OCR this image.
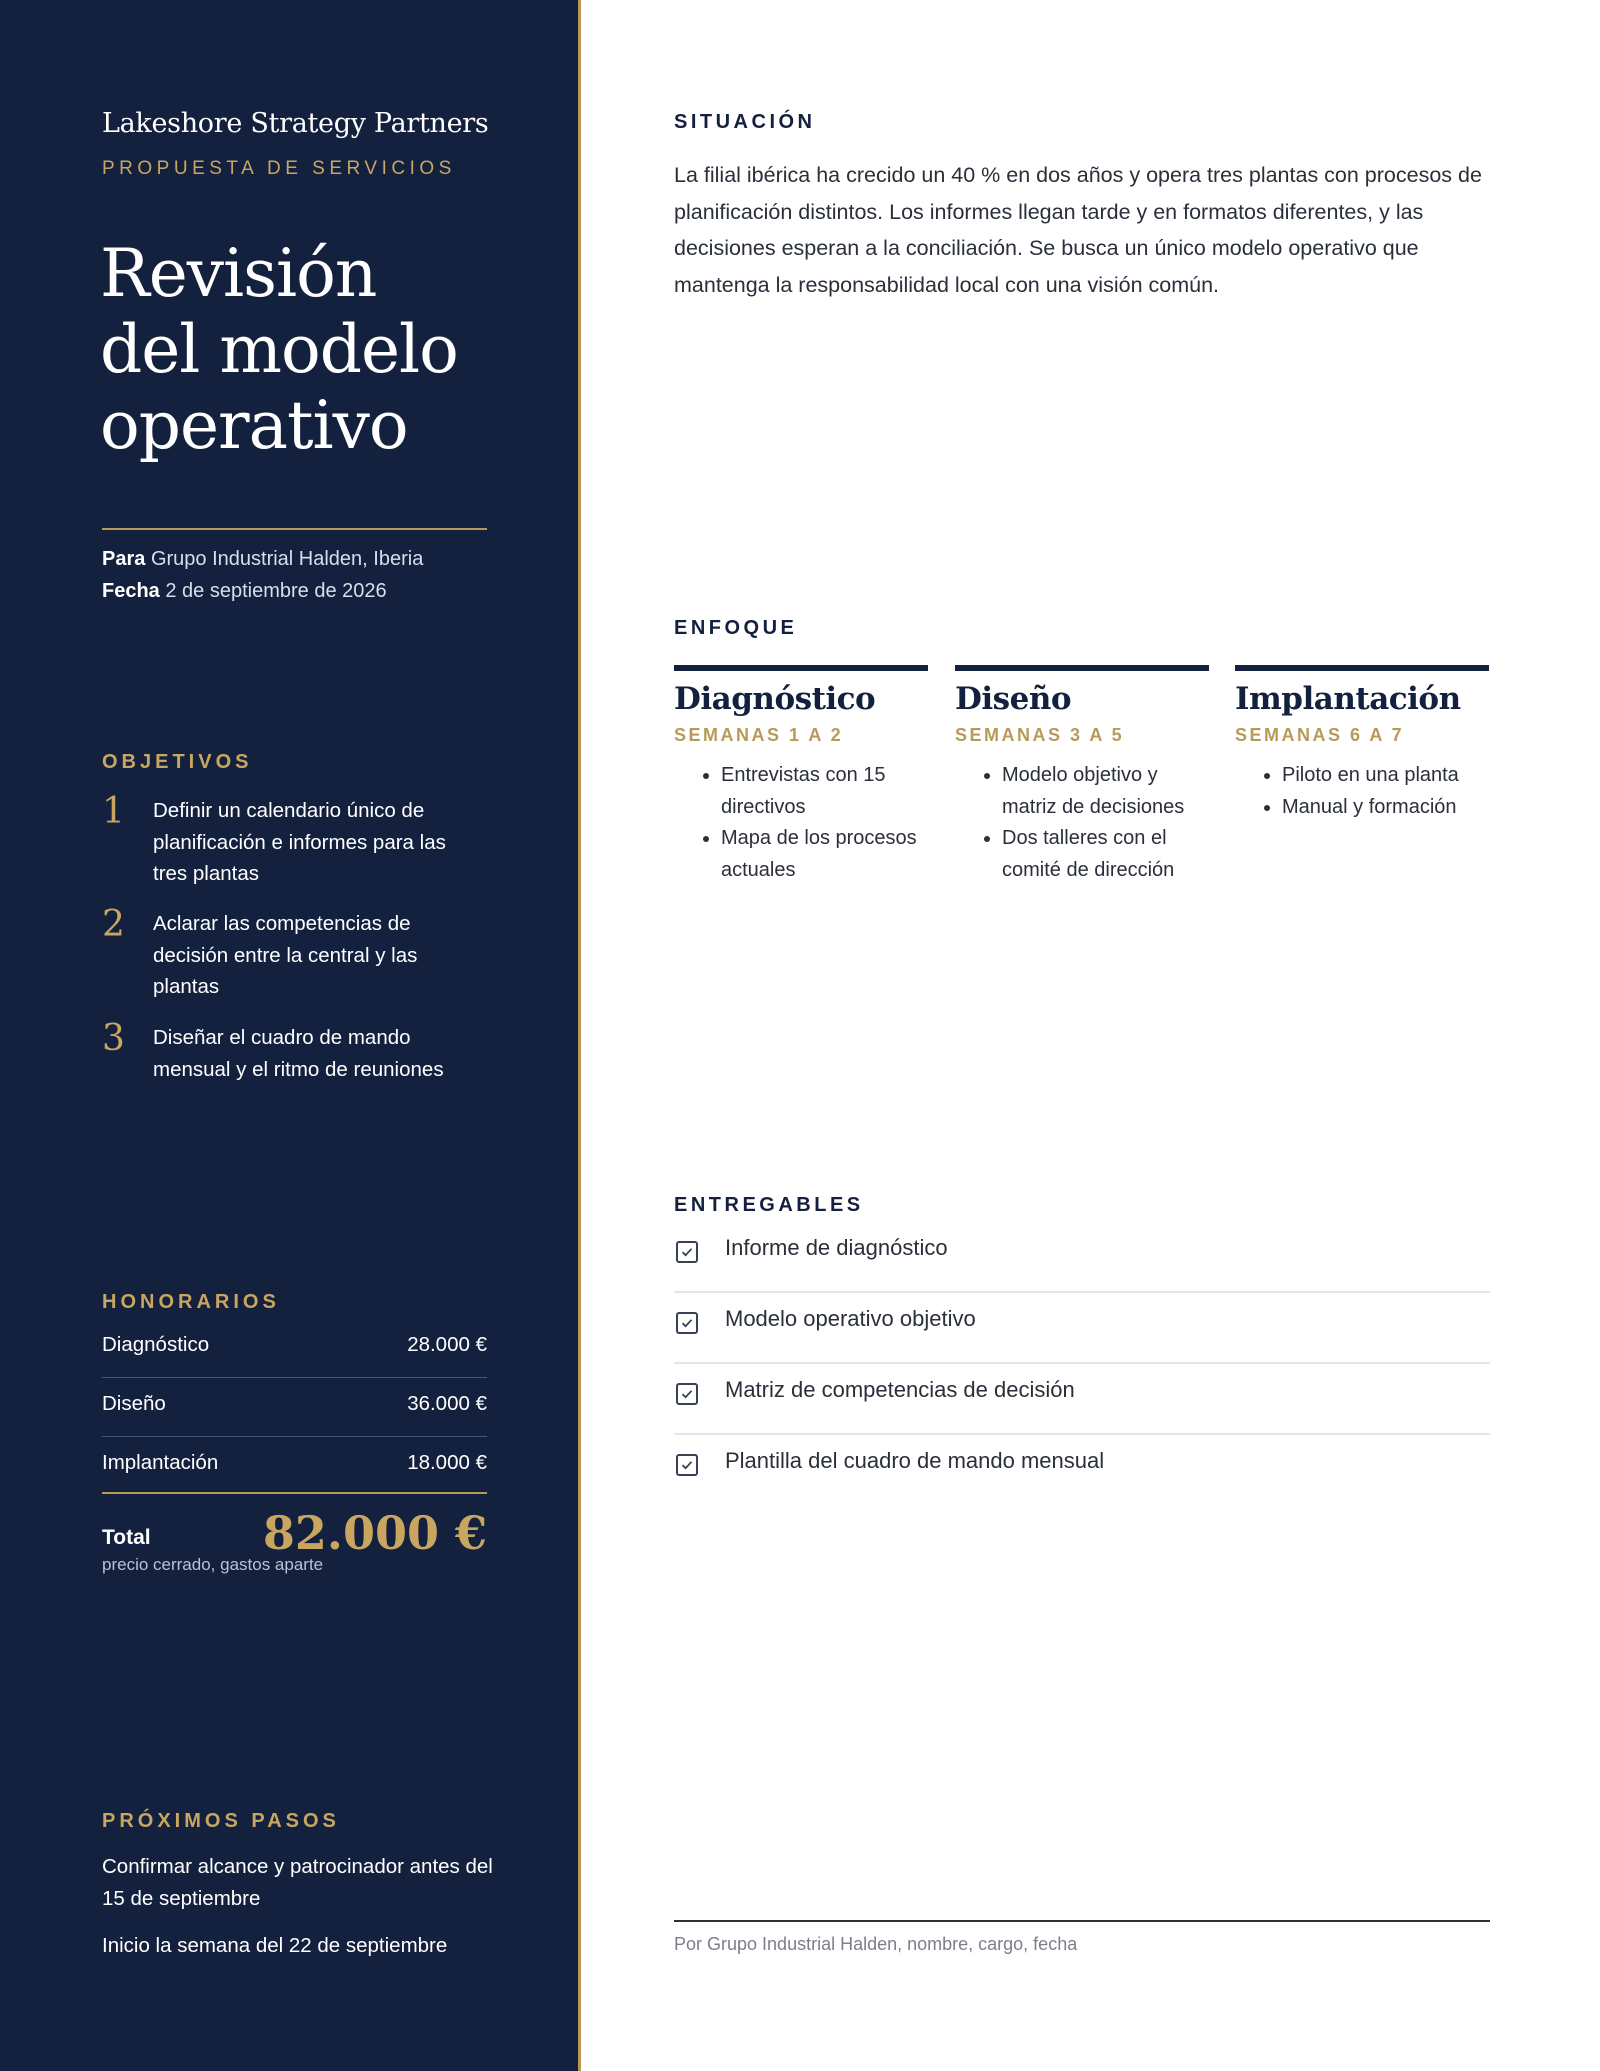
Lakeshore Strategy Partners
PROPUESTA DE SERVICIOS
Revisión
del modelo
operativo
Para Grupo Industrial Halden, Iberia
Fecha 2 de septiembre de 2026
OBJETIVOS
1 Definir un calendario único de planificación e informes para las tres plantas
2 Aclarar las competencias de decisión entre la central y las plantas
3 Diseñar el cuadro de mando mensual y el ritmo de reuniones
HONORARIOS
Diagnóstico	28.000 €
Diseño	36.000 €
Implantación	18.000 €
Total 82.000 €
precio cerrado, gastos aparte
PRÓXIMOS PASOS
Confirmar alcance y patrocinador antes del 15 de septiembre
Inicio la semana del 22 de septiembre
SITUACIÓN

La filial ibérica ha crecido un 40 % en dos años y opera tres plantas con procesos de planificación distintos. Los informes llegan tarde y en formatos diferentes, y las decisiones esperan a la conciliación. Se busca un único modelo operativo que mantenga la responsabilidad local con una visión común.

ENFOQUE
Diagnóstico
SEMANAS 1 A 2
• Entrevistas con 15 directivos
• Mapa de los procesos actuales
Diseño
SEMANAS 3 A 5
• Modelo objetivo y matriz de decisiones
• Dos talleres con el comité de dirección
Implantación
SEMANAS 6 A 7
• Piloto en una planta
• Manual y formación
ENTREGABLES
Informe de diagnóstico
Modelo operativo objetivo
Matriz de competencias de decisión
Plantilla del cuadro de mando mensual
Por Grupo Industrial Halden, nombre, cargo, fecha
